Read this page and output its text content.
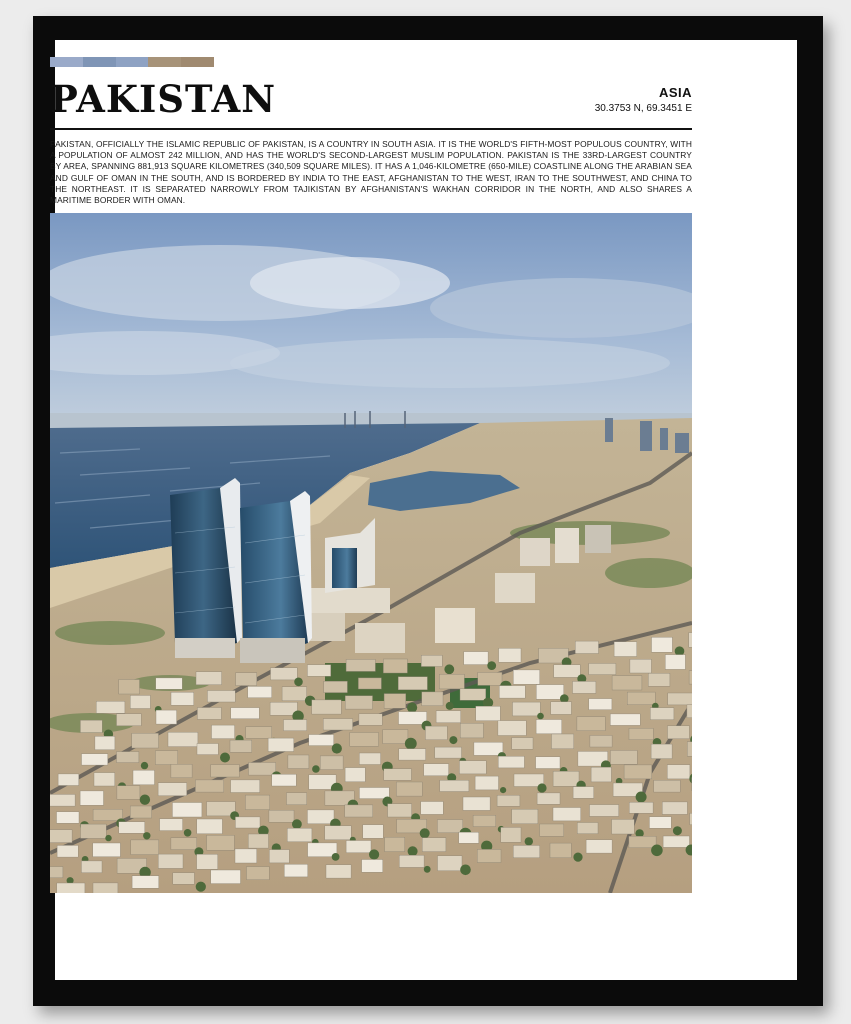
PAKISTAN	ASIA
30.3753 N, 69.3451 E
PAKISTAN, OFFICIALLY THE ISLAMIC REPUBLIC OF PAKISTAN, IS A COUNTRY IN SOUTH ASIA. IT IS THE WORLD'S FIFTH-MOST POPULOUS COUNTRY, WITH A POPULATION OF ALMOST 242 MILLION, AND HAS THE WORLD'S SECOND-LARGEST MUSLIM POPULATION. PAKISTAN IS THE 33RD-LARGEST COUNTRY BY AREA, SPANNING 881,913 SQUARE KILOMETRES (340,509 SQUARE MILES). IT HAS A 1,046-KILOMETRE (650-MILE) COASTLINE ALONG THE ARABIAN SEA AND GULF OF OMAN IN THE SOUTH, AND IS BORDERED BY INDIA TO THE EAST, AFGHANISTAN TO THE WEST, IRAN TO THE SOUTHWEST, AND CHINA TO THE NORTHEAST. IT IS SEPARATED NARROWLY FROM TAJIKISTAN BY AFGHANISTAN'S WAKHAN CORRIDOR IN THE NORTH, AND ALSO SHARES A MARITIME BORDER WITH OMAN.
